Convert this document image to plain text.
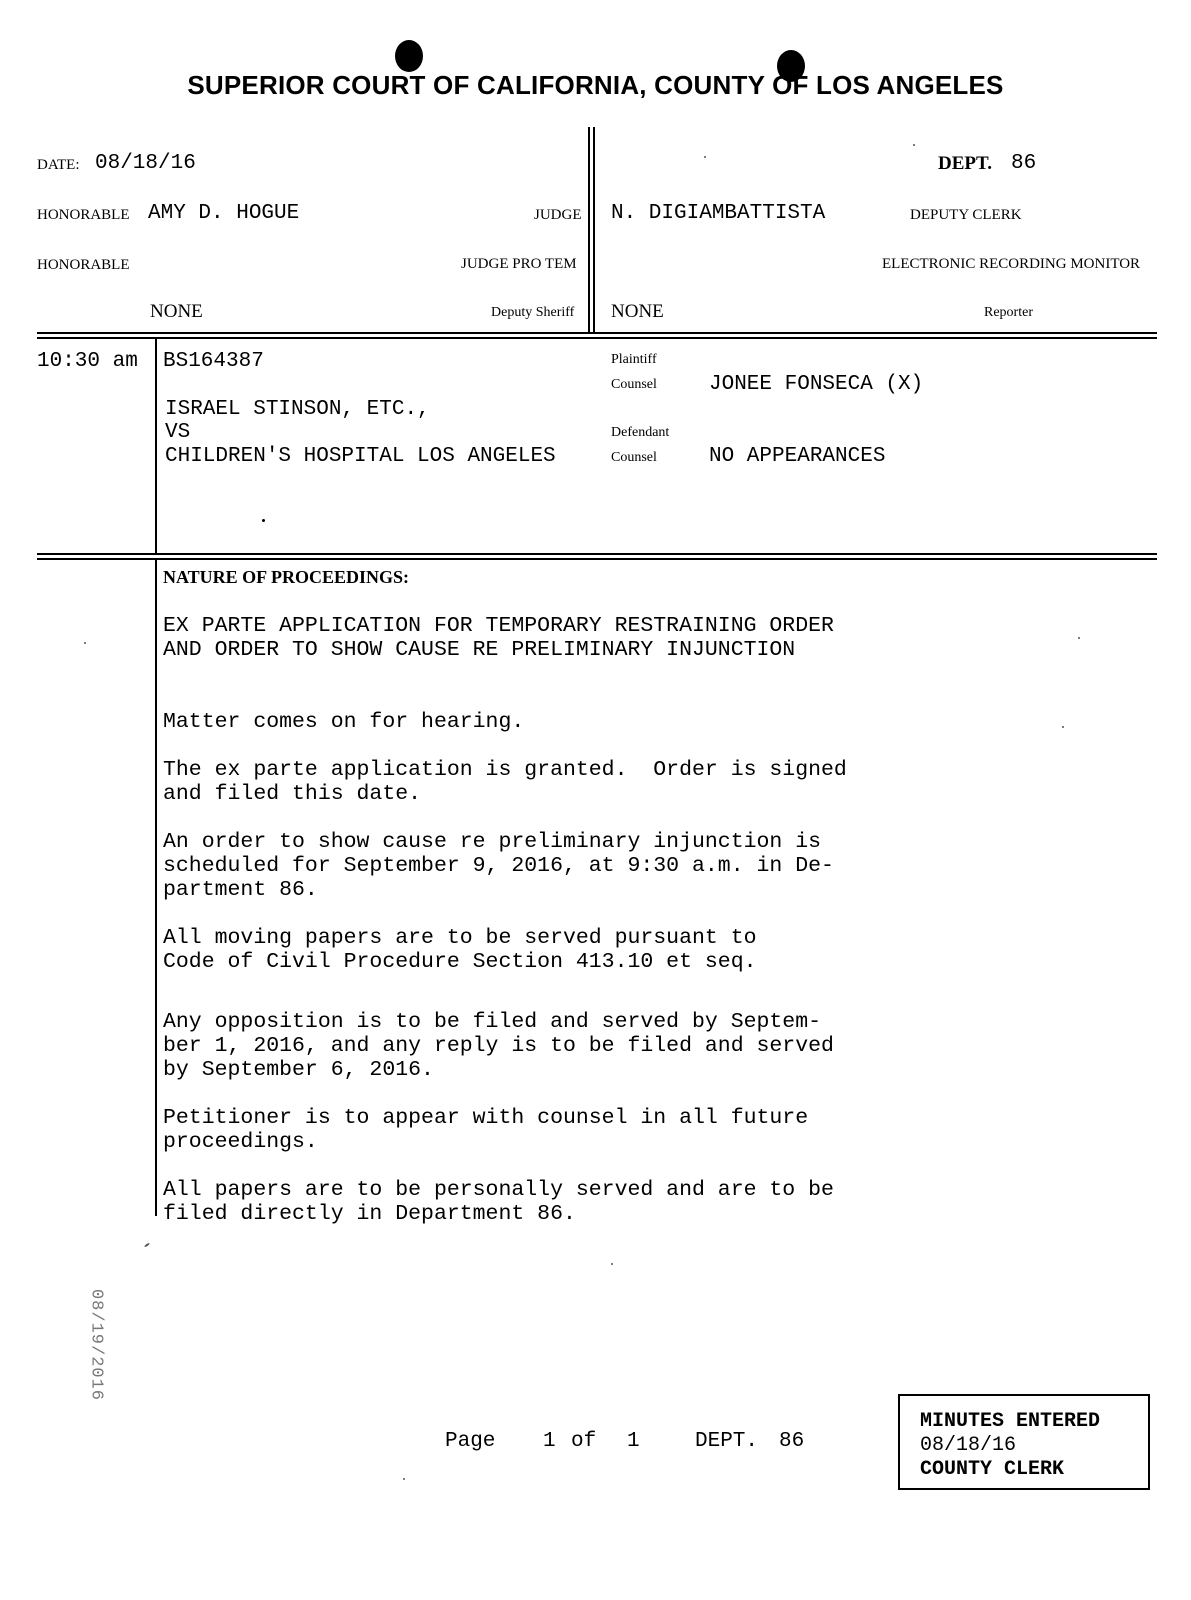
SUPERIOR COURT OF CALIFORNIA, COUNTY OF LOS ANGELES
DATE: 08/18/16	DEPT. 86
HONORABLE AMY D. HOGUE	JUDGE N. DIGIAMBATTISTA	DEPUTY CLERK
HONORABLE	JUDGE PRO TEM	ELECTRONIC RECORDING MONITOR
NONE	Deputy Sheriff NONE	Reporter
10:30 am BS164387	Plaintiff
Counsel JONEE FONSECA (X)
ISRAEL STINSON, ETC.,
VS
CHILDREN'S HOSPITAL LOS ANGELES
Defendant
Counsel NO APPEARANCES
NATURE OF PROCEEDINGS:
EX PARTE APPLICATION FOR TEMPORARY RESTRAINING ORDER
AND ORDER TO SHOW CAUSE RE PRELIMINARY INJUNCTION
Matter comes on for hearing.
The ex parte application is granted.  Order is signed
and filed this date.
An order to show cause re preliminary injunction is
scheduled for September 9, 2016, at 9:30 a.m. in De-
partment 86.
All moving papers are to be served pursuant to
Code of Civil Procedure Section 413.10 et seq.
Any opposition is to be filed and served by Septem-
ber 1, 2016, and any reply is to be filed and served
by September 6, 2016.
Petitioner is to appear with counsel in all future
proceedings.
All papers are to be personally served and are to be
filed directly in Department 86.
08/19/2016
Page 1 of 1	DEPT. 86
MINUTES ENTERED
08/18/16
COUNTY CLERK
